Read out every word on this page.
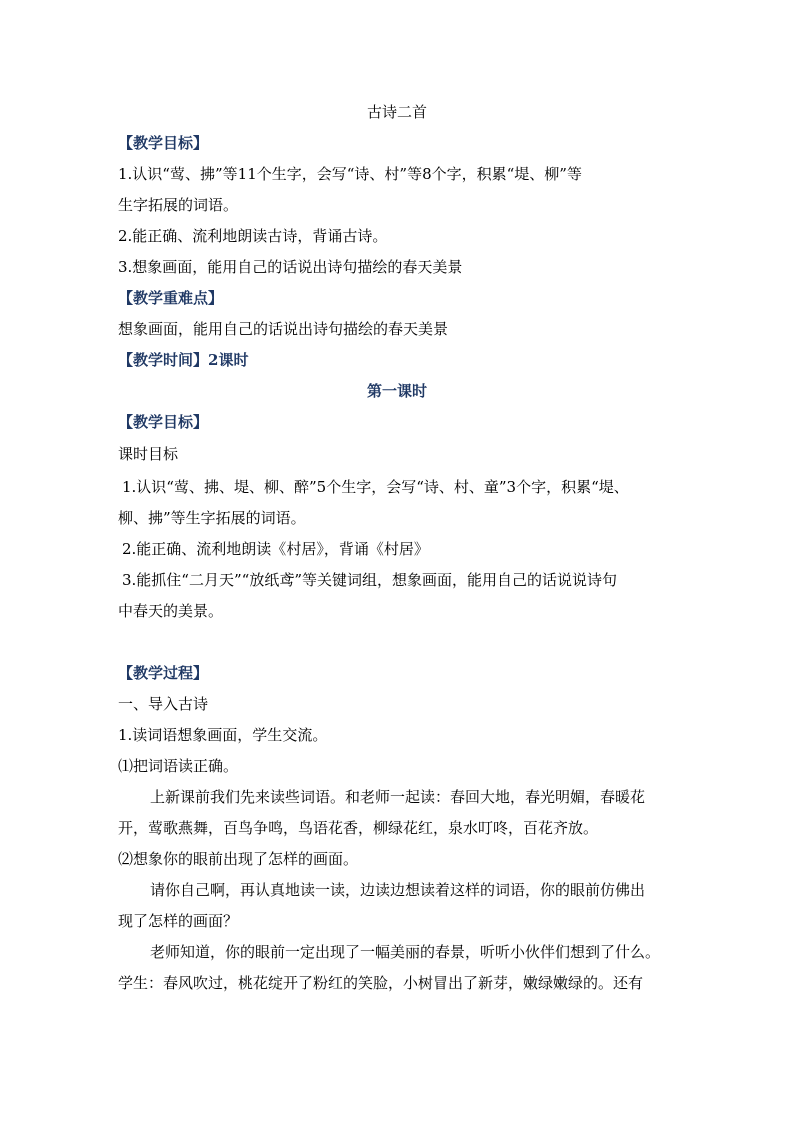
古诗二首
【教学目标】
1.认识“莺、拂”等11个生字，会写“诗、村”等8个字，积累“堤、柳”等
生字拓展的词语。
2.能正确、流利地朗读古诗，背诵古诗。
3.想象画面，能用自己的话说出诗句描绘的春天美景
【教学重难点】
想象画面，能用自己的话说出诗句描绘的春天美景
【教学时间】2课时
第一课时
【教学目标】
课时目标
1.认识“莺、拂、堤、柳、醉”5个生字，会写“诗、村、童”3个字，积累“堤、
柳、拂”等生字拓展的词语。
2.能正确、流利地朗读《村居》，背诵《村居》
3.能抓住“二月天”“放纸鸢”等关键词组，想象画面，能用自己的话说说诗句
中春天的美景。
【教学过程】
一、导入古诗
1.读词语想象画面，学生交流。
⑴把词语读正确。
上新课前我们先来读些词语。和老师一起读：春回大地，春光明媚，春暖花
开，莺歌燕舞，百鸟争鸣，鸟语花香，柳绿花红，泉水叮咚，百花齐放。
⑵想象你的眼前出现了怎样的画面。
请你自己啊，再认真地读一读，边读边想读着这样的词语，你的眼前仿佛出
现了怎样的画面？
老师知道，你的眼前一定出现了一幅美丽的春景，听听小伙伴们想到了什么。
学生：春风吹过，桃花绽开了粉红的笑脸，小树冒出了新芽，嫩绿嫩绿的。还有
